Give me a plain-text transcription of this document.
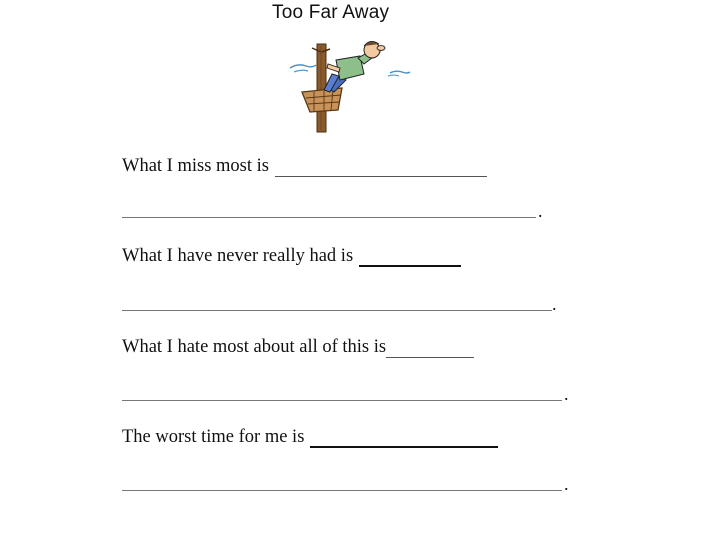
Too Far Away
What I miss most is
.
What I have never really had is
.
What I hate most about all of this is
.
The worst time for me is
.
